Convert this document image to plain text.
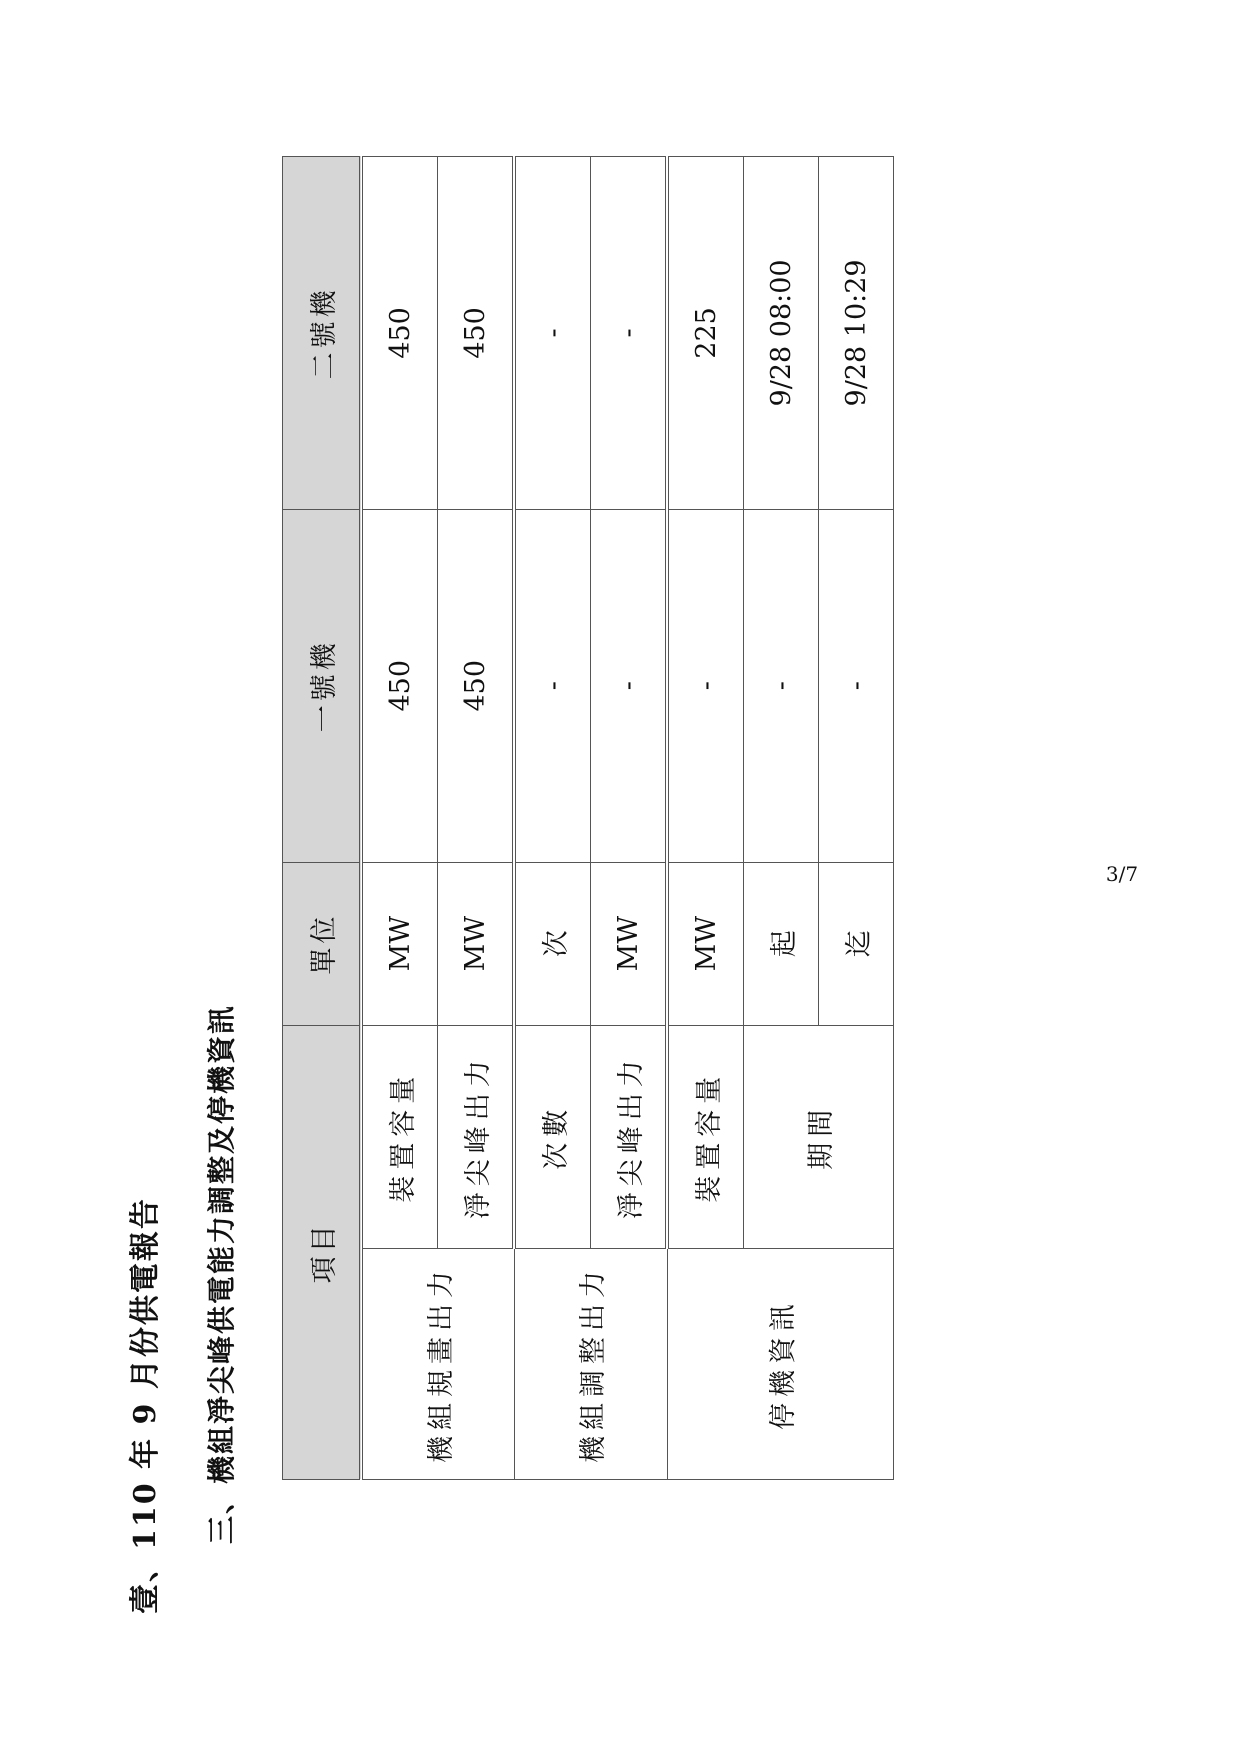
壹、110 年 9 月份供電報告 三、機組淨尖峰供電能力調整及停機資訊	項目		單位	一號機	二號機
機組規畫出力	裝置容量	MW	450	450
	淨尖峰出力	MW	450	450
機組調整出力	次數	次	-	-
	淨尖峰出力	MW	-	-
停機資訊	裝置容量	MW	-	225
	期間	起	-	9/28 08:00
		迄	-	9/28 10:29
3/7
